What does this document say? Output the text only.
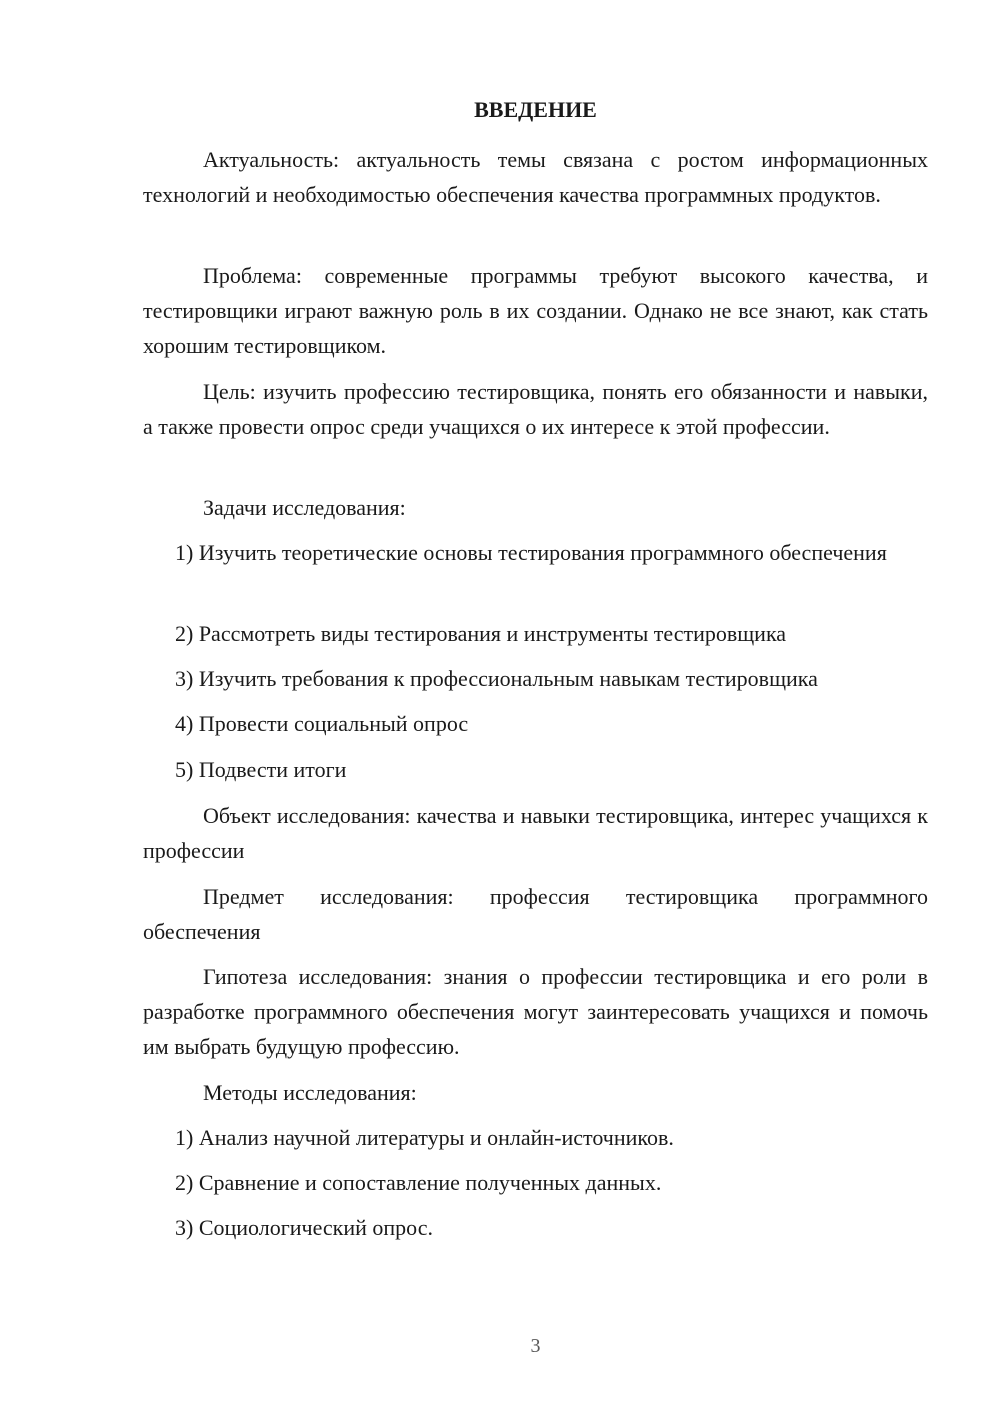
ВВЕДЕНИЕ

Актуальность: актуальность темы связана с ростом информационных технологий и необходимостью обеспечения качества программных продуктов.

Проблема: современные программы требуют высокого качества, и тестировщики играют важную роль в их создании. Однако не все знают, как стать хорошим тестировщиком.

Цель: изучить профессию тестировщика, понять его обязанности и навыки, а также провести опрос среди учащихся о их интересе к этой профессии.

Задачи исследования:

1) Изучить теоретические основы тестирования программного обеспечения

2) Рассмотреть виды тестирования и инструменты тестировщика

3) Изучить требования к профессиональным навыкам тестировщика

4) Провести социальный опрос

5) Подвести итоги

Объект исследования: качества и навыки тестировщика, интерес учащихся к профессии

Предмет исследования: профессия тестировщика программного обеспечения

Гипотеза исследования: знания о профессии тестировщика и его роли в разработке программного обеспечения могут заинтересовать учащихся и помочь им выбрать будущую профессию.

Методы исследования:

1) Анализ научной литературы и онлайн-источников.

2) Сравнение и сопоставление полученных данных.

3) Социологический опрос.

3
